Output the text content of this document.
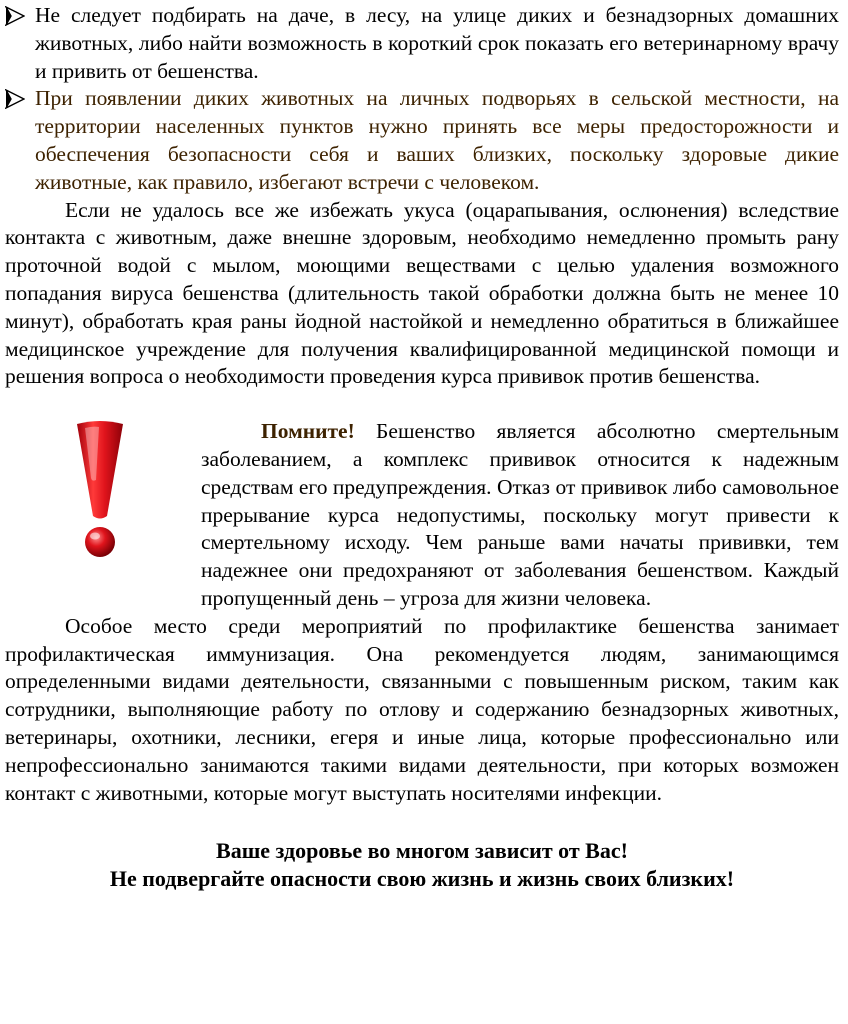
Не следует подбирать на даче, в лесу, на улице диких и безнадзорных домашних животных, либо найти возможность в короткий срок показать его ветеринарному врачу и привить от бешенства.

При появлении диких животных на личных подворьях в сельской местности, на территории населенных пунктов нужно принять все меры предосторожности и обеспечения безопасности себя и ваших близких, поскольку здоровые дикие животные, как правило, избегают встречи с человеком.

Если не удалось все же избежать укуса (оцарапывания, ослюнения) вследствие контакта с животным, даже внешне здоровым, необходимо немедленно промыть рану проточной водой с мылом, моющими веществами с целью удаления возможного попадания вируса бешенства (длительность такой обработки должна быть не менее 10 минут), обработать края раны йодной настойкой и немедленно обратиться в ближайшее медицинское учреждение для получения квалифицированной медицинской помощи и решения вопроса о необходимости проведения курса прививок против бешенства.

Помните! Бешенство является абсолютно смертельным заболеванием, а комплекс прививок относится к надежным средствам его предупреждения. Отказ от прививок либо самовольное прерывание курса недопустимы, поскольку могут привести к смертельному исходу. Чем раньше вами начаты прививки, тем надежнее они предохраняют от заболевания бешенством. Каждый пропущенный день – угроза для жизни человека.

Особое место среди мероприятий по профилактике бешенства занимает профилактическая иммунизация. Она рекомендуется людям, занимающимся определенными видами деятельности, связанными с повышенным риском, таким как сотрудники, выполняющие работу по отлову и содержанию безнадзорных животных, ветеринары, охотники, лесники, егеря и иные лица, которые профессионально или непрофессионально занимаются такими видами деятельности, при которых возможен контакт с животными, которые могут выступать носителями инфекции.

Ваше здоровье во многом зависит от Вас!
Не подвергайте опасности свою жизнь и жизнь своих близких!
